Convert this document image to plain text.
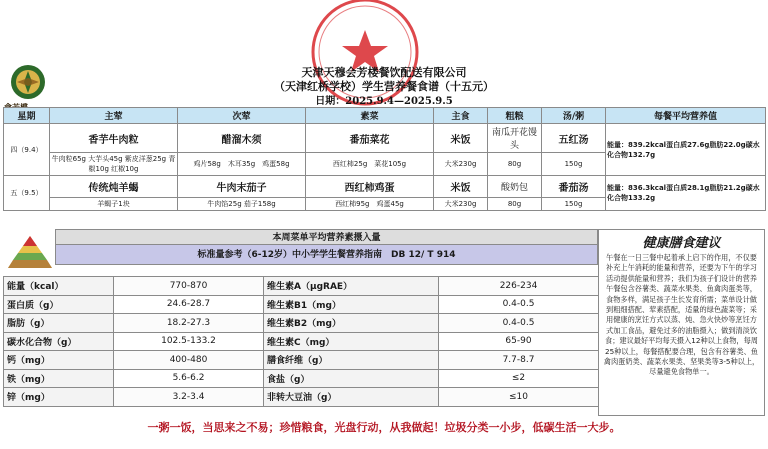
天津天穆会芳楼餐饮配送有限公司
（天津红桥学校）学生营养餐食谱（十五元）
日期：2025.9.4—2025.9.5
星期	主荤	次荤	素菜	主食	粗粮	汤/粥	每餐平均营养值
四（9.4）	香芋牛肉粒	醋溜木须	番茄菜花	米饭	南瓜开花馒头	五红汤	能量：839.2kcal蛋白质27.6g脂肪22.0g碳水化合物132.7g
	牛肉粒65g 大芋头45g 紫皮洋葱25g 青椒10g 红椒10g	鸡片58g　木耳35g　鸡蛋58g	西红柿25g　菜花105g	大米230g	80g	150g	
五（9.5）	传统炖羊蝎	牛肉末茄子	西红柿鸡蛋	米饭	酸奶包	番茄汤	能量：836.3kcal蛋白质28.1g脂肪21.2g碳水化合物133.2g
	羊蝎子1块	牛肉馅25g 茄子158g	西红柿95g　鸡蛋45g	大米230g	80g	150g	
本周菜单平均营养素摄入量
标准量参考（6-12岁）中小学学生餐营养指南　DB 12/ T 914
能量（kcal）	770-870	维生素A（μgRAE）	226-234
蛋白质（g）	24.6-28.7	维生素B1（mg）	0.4-0.5
脂肪（g）	18.2-27.3	维生素B2（mg）	0.4-0.5
碳水化合物（g）	102.5-133.2	维生素C（mg）	65-90
钙（mg）	400-480	膳食纤维（g）	7.7-8.7
铁（mg）	5.6-6.2	食盐（g）	≤2
锌（mg）	3.2-3.4	非转大豆油（g）	≤10
健康膳食建议
午餐在一日三餐中起着承上启下的作用，不仅要补充上午消耗的能量和营养，还要为下午的学习活动提供能量和营养；我们为孩子们设计的营养午餐包含谷薯类、蔬菜水果类、鱼禽肉蛋类等，食物多样，满足孩子生长发育所需；菜单设计做到粗细搭配、荤素搭配，适量的绿色蔬菜等；采用健康的烹饪方式以蒸、炖、急火快炒等烹饪方式加工食品，避免过多的油脂摄入；做到清淡饮食；建议最好平均每天摄入12种以上食物，每周25种以上，每餐搭配要合理，包含有谷薯类、鱼禽肉蛋奶类、蔬菜水果类、坚果类等3-5种以上，尽量避免食物单一。
一粥一饭，当思来之不易；珍惜粮食，光盘行动，从我做起！垃圾分类一小步，低碳生活一大步。
